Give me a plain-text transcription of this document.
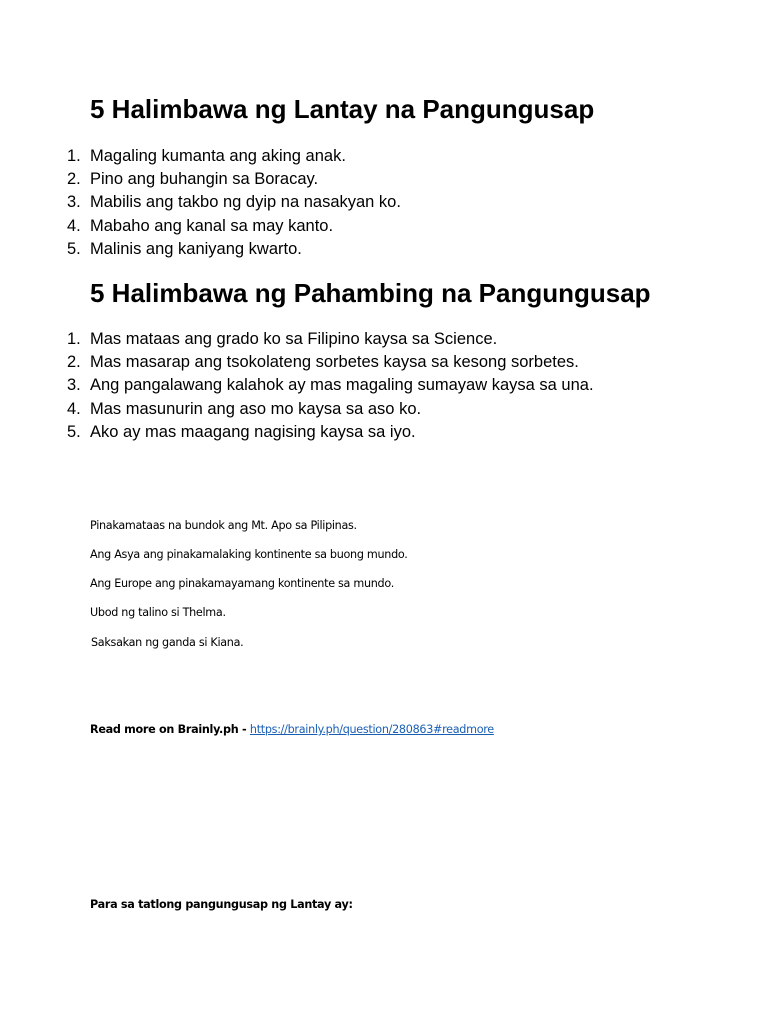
5 Halimbawa ng Lantay na Pangungusap
1. Magaling kumanta ang aking anak.
2. Pino ang buhangin sa Boracay.
3. Mabilis ang takbo ng dyip na nasakyan ko.
4. Mabaho ang kanal sa may kanto.
5. Malinis ang kaniyang kwarto.
5 Halimbawa ng Pahambing na Pangungusap
1. Mas mataas ang grado ko sa Filipino kaysa sa Science.
2. Mas masarap ang tsokolateng sorbetes kaysa sa kesong sorbetes.
3. Ang pangalawang kalahok ay mas magaling sumayaw kaysa sa una.
4. Mas masunurin ang aso mo kaysa sa aso ko.
5. Ako ay mas maagang nagising kaysa sa iyo.

Pinakamataas na bundok ang Mt. Apo sa Pilipinas.

Ang Asya ang pinakamalaking kontinente sa buong mundo.

Ang Europe ang pinakamayamang kontinente sa mundo.

Ubod ng talino si Thelma.

Saksakan ng ganda si Kiana.

Read more on Brainly.ph - https://brainly.ph/question/280863#readmore

Para sa tatlong pangungusap ng Lantay ay:
